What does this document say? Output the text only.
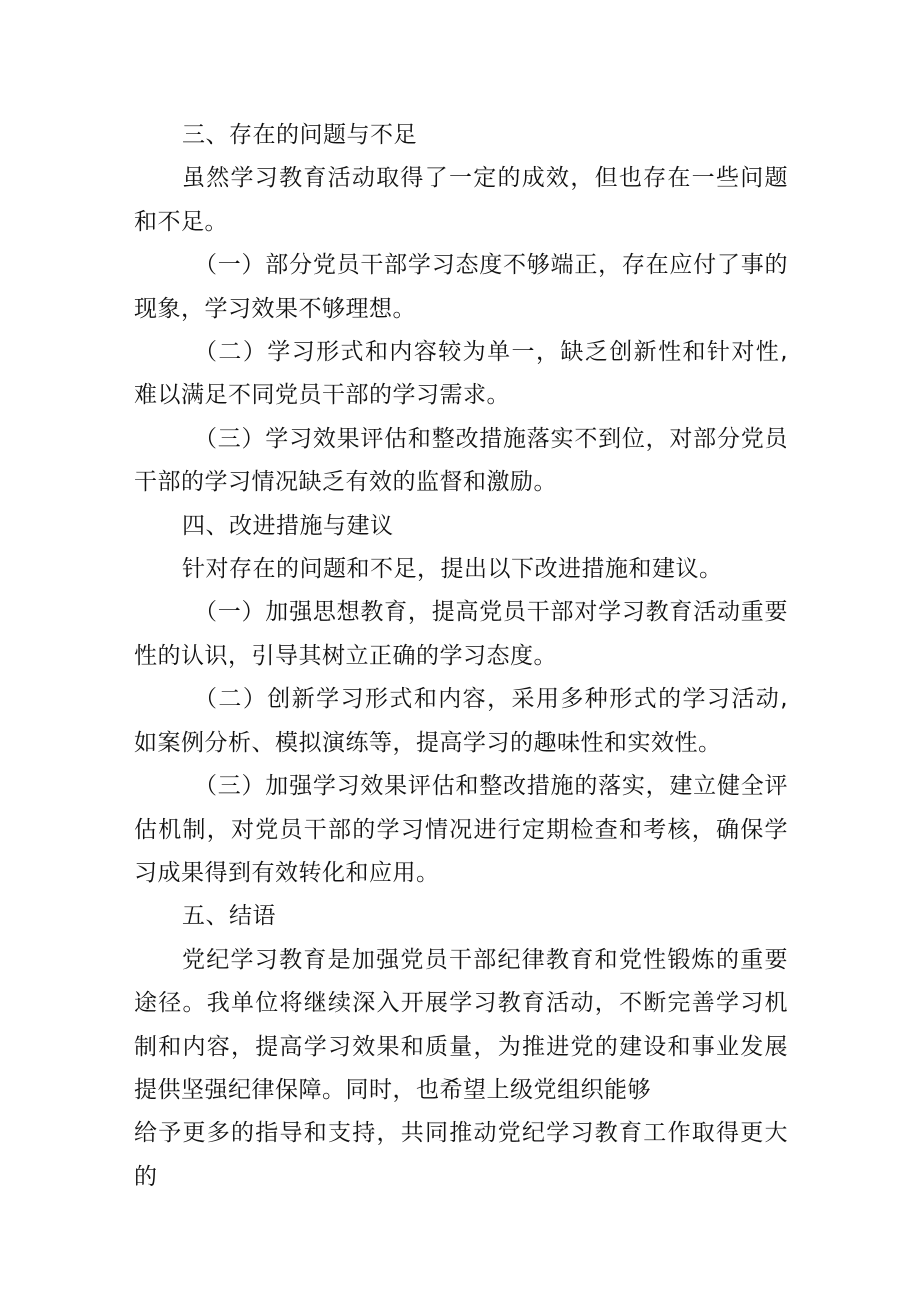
三、存在的问题与不足

虽然学习教育活动取得了一定的成效，但也存在一些问题和不足。

（一）部分党员干部学习态度不够端正，存在应付了事的现象，学习效果不够理想。

（二）学习形式和内容较为单一，缺乏创新性和针对性,难以满足不同党员干部的学习需求。

（三）学习效果评估和整改措施落实不到位，对部分党员干部的学习情况缺乏有效的监督和激励。

四、改进措施与建议

针对存在的问题和不足，提出以下改进措施和建议。

（一）加强思想教育，提高党员干部对学习教育活动重要性的认识，引导其树立正确的学习态度。

（二）创新学习形式和内容，采用多种形式的学习活动,如案例分析、模拟演练等，提高学习的趣味性和实效性。

（三）加强学习效果评估和整改措施的落实，建立健全评估机制，对党员干部的学习情况进行定期检查和考核，确保学习成果得到有效转化和应用。

五、结语

党纪学习教育是加强党员干部纪律教育和党性锻炼的重要途径。我单位将继续深入开展学习教育活动，不断完善学习机制和内容，提高学习效果和质量，为推进党的建设和事业发展提供坚强纪律保障。同时，也希望上级党组织能够

给予更多的指导和支持，共同推动党纪学习教育工作取得更大的
